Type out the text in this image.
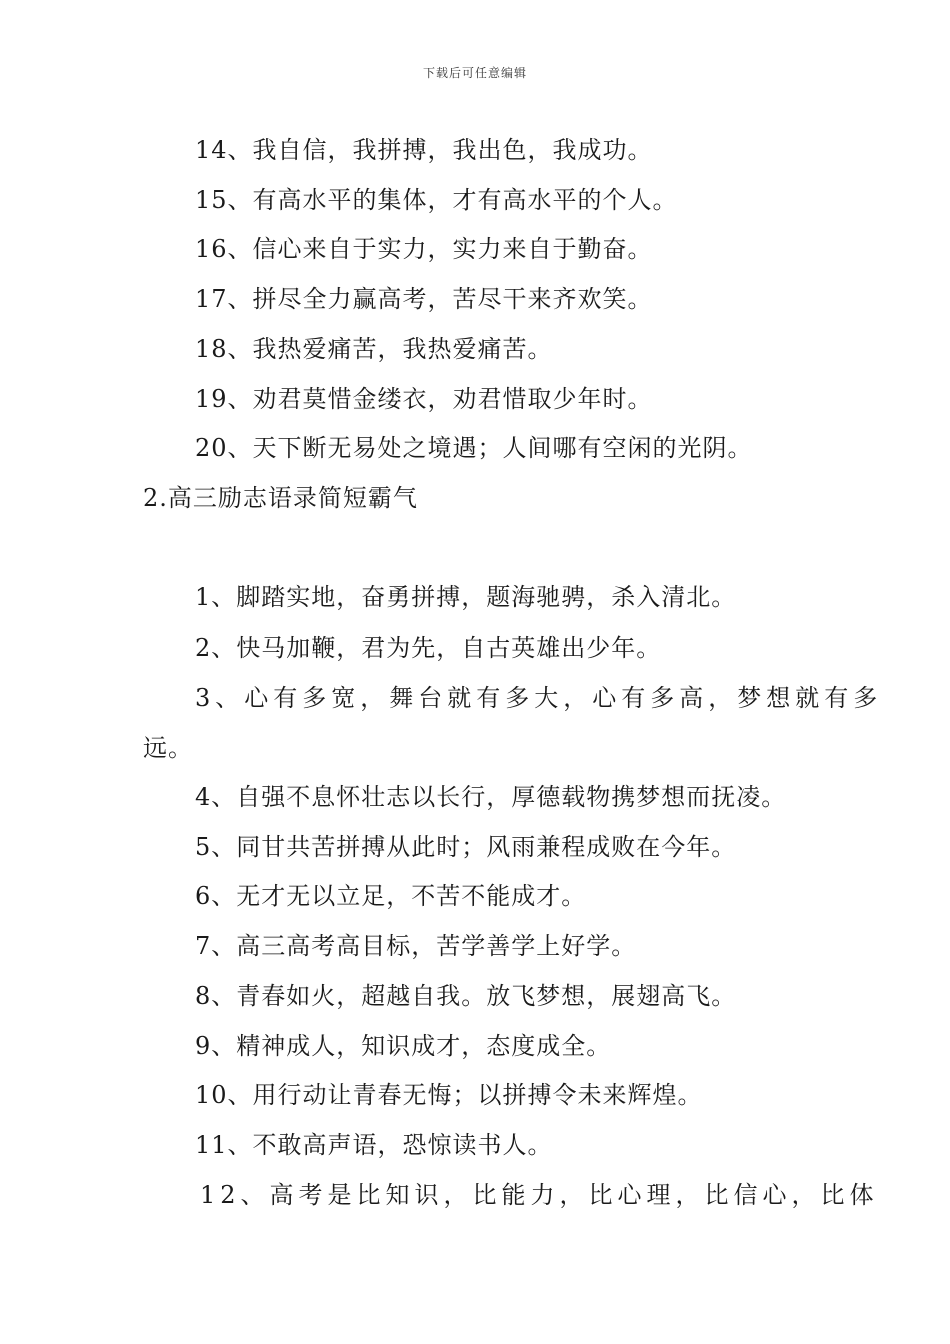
下载后可任意编辑
14、我自信，我拼搏，我出色，我成功。
15、有高水平的集体，才有高水平的个人。
16、信心来自于实力，实力来自于勤奋。
17、拼尽全力赢高考，苦尽干来齐欢笑。
18、我热爱痛苦，我热爱痛苦。
19、劝君莫惜金缕衣，劝君惜取少年时。
20、天下断无易处之境遇；人间哪有空闲的光阴。
2.高三励志语录简短霸气
1、脚踏实地，奋勇拼搏，题海驰骋，杀入清北。
2、快马加鞭，君为先，自古英雄出少年。
3、心有多宽，舞台就有多大，心有多高，梦想就有多
远。
4、自强不息怀壮志以长行，厚德载物携梦想而抚凌。
5、同甘共苦拼搏从此时；风雨兼程成败在今年。
6、无才无以立足，不苦不能成才。
7、高三高考高目标，苦学善学上好学。
8、青春如火，超越自我。放飞梦想，展翅高飞。
9、精神成人，知识成才，态度成全。
10、用行动让青春无悔；以拼搏令未来辉煌。
11、不敢高声语，恐惊读书人。
12、高考是比知识，比能力，比心理，比信心，比体
